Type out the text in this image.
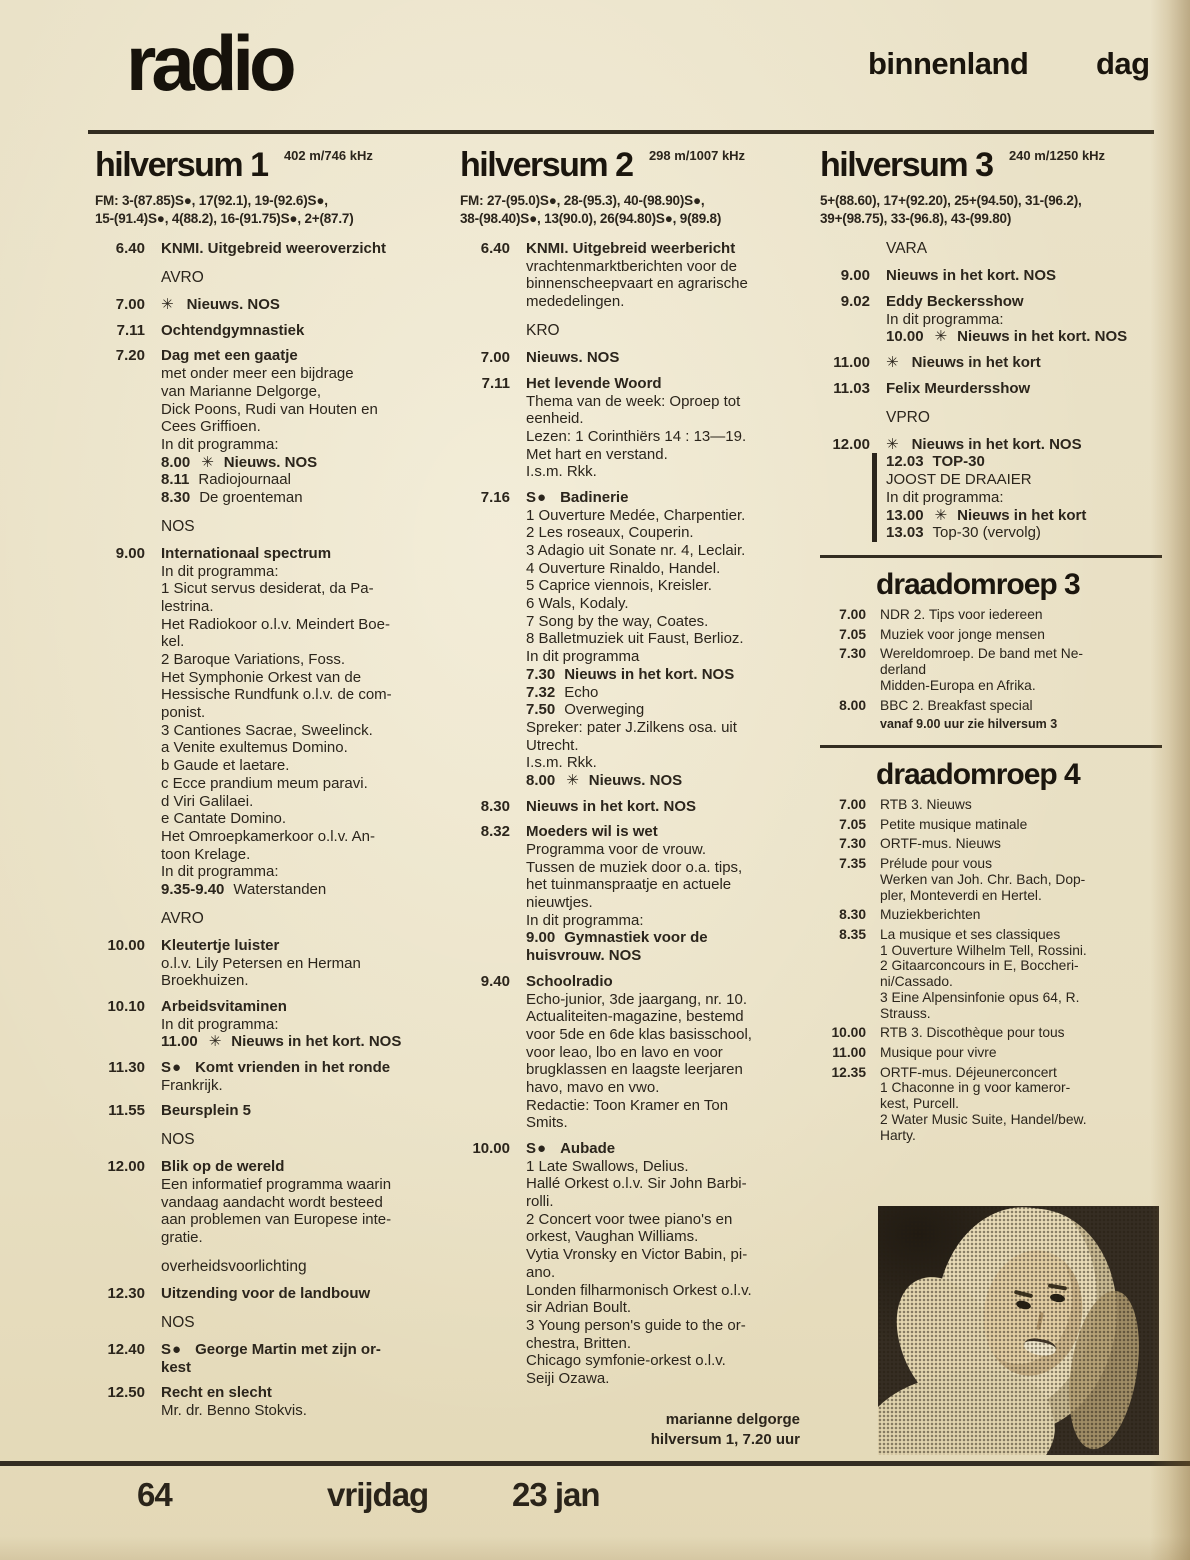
radio	binnenland dag
hilversum 1 $^{402 m/746 kHz}$
FM: 3-(87.85)S●, 17(92.1), 19-(92.6)S●,
15-(91.4)S●, 4(88.2), 16-(91.75)S●, 2+(87.7)
6.40 KNMI. Uitgebreid weeroverzicht
AVRO
7.00 ✳ Nieuws. NOS
7.11 Ochtendgymnastiek
7.20 Dag met een gaatje
met onder meer een bijdrage
van Marianne Delgorge,
Dick Poons, Rudi van Houten en
Cees Griffioen.
In dit programma:
8.00 ✳ Nieuws. NOS
8.11 Radiojournaal
8.30 De groenteman
NOS
9.00 Internationaal spectrum
In dit programma:
1 Sicut servus desiderat, da Pa-
lestrina.
Het Radiokoor o.l.v. Meindert Boe-
kel.
2 Baroque Variations, Foss.
Het Symphonie Orkest van de
Hessische Rundfunk o.l.v. de com-
ponist.
3 Cantiones Sacrae, Sweelinck.
a Venite exultemus Domino.
b Gaude et laetare.
c Ecce prandium meum paravi.
d Viri Galilaei.
e Cantate Domino.
Het Omroepkamerkoor o.l.v. An-
toon Krelage.
In dit programma:
9.35-9.40 Waterstanden
AVRO
10.00 Kleutertje luister
o.l.v. Lily Petersen en Herman
Broekhuizen.
10.10 Arbeidsvitaminen
In dit programma:
11.00 ✳ Nieuws in het kort. NOS
11.30 S● Komt vrienden in het ronde
Frankrijk.
11.55 Beursplein 5
NOS
12.00 Blik op de wereld
Een informatief programma waarin
vandaag aandacht wordt besteed
aan problemen van Europese inte-
gratie.
overheidsvoorlichting
12.30 Uitzending voor de landbouw
NOS
12.40 S● George Martin met zijn or-
kest
12.50 Recht en slecht
Mr. dr. Benno Stokvis.
hilversum 2 $^{298 m/1007 kHz}$
FM: 27-(95.0)S●, 28-(95.3), 40-(98.90)S●,
38-(98.40)S●, 13(90.0), 26(94.80)S●, 9(89.8)
6.40 KNMI. Uitgebreid weerbericht
vrachtenmarktberichten voor de
binnenscheepvaart en agrarische
mededelingen.
KRO
7.00 Nieuws. NOS
7.11 Het levende Woord
Thema van de week: Oproep tot
eenheid.
Lezen: 1 Corinthiërs 14 : 13—19.
Met hart en verstand.
I.s.m. Rkk.
7.16 S● Badinerie
1 Ouverture Medée, Charpentier.
2 Les roseaux, Couperin.
3 Adagio uit Sonate nr. 4, Leclair.
4 Ouverture Rinaldo, Handel.
5 Caprice viennois, Kreisler.
6 Wals, Kodaly.
7 Song by the way, Coates.
8 Balletmuziek uit Faust, Berlioz.
In dit programma
7.30 Nieuws in het kort. NOS
7.32 Echo
7.50 Overweging
Spreker: pater J.Zilkens osa. uit
Utrecht.
I.s.m. Rkk.
8.00 ✳ Nieuws. NOS
8.30 Nieuws in het kort. NOS
8.32 Moeders wil is wet
Programma voor de vrouw.
Tussen de muziek door o.a. tips,
het tuinmanspraatje en actuele
nieuwtjes.
In dit programma:
9.00 Gymnastiek voor de
huisvrouw. NOS
9.40 Schoolradio
Echo-junior, 3de jaargang, nr. 10.
Actualiteiten-magazine, bestemd
voor 5de en 6de klas basisschool,
voor leao, lbo en lavo en voor
brugklassen en laagste leerjaren
havo, mavo en vwo.
Redactie: Toon Kramer en Ton
Smits.
10.00 S● Aubade
1 Late Swallows, Delius.
Hallé Orkest o.l.v. Sir John Barbi-
rolli.
2 Concert voor twee piano's en
orkest, Vaughan Williams.
Vytia Vronsky en Victor Babin, pi-
ano.
Londen filharmonisch Orkest o.l.v.
sir Adrian Boult.
3 Young person's guide to the or-
chestra, Britten.
Chicago symfonie-orkest o.l.v.
Seiji Ozawa.
hilversum 3 $^{240 m/1250 kHz}$
5+(88.60), 17+(92.20), 25+(94.50), 31-(96.2),
39+(98.75), 33-(96.8), 43-(99.80)
VARA
9.00 Nieuws in het kort. NOS
9.02 Eddy Beckersshow
In dit programma:
10.00 ✳ Nieuws in het kort. NOS
11.00 ✳ Nieuws in het kort
11.03 Felix Meurdersshow
VPRO
12.00 ✳ Nieuws in het kort. NOS
12.03 TOP-30
JOOST DE DRAAIER
In dit programma:
13.00 ✳ Nieuws in het kort
13.03 Top-30 (vervolg)
draadomroep 3
7.00 NDR 2. Tips voor iedereen
7.05 Muziek voor jonge mensen
7.30 Wereldomroep. De band met Ne-
derland
Midden-Europa en Afrika.
8.00 BBC 2. Breakfast special
vanaf 9.00 uur zie hilversum 3
draadomroep 4
7.00 RTB 3. Nieuws
7.05 Petite musique matinale
7.30 ORTF-mus. Nieuws
7.35 Prélude pour vous
Werken van Joh. Chr. Bach, Dop-
pler, Monteverdi en Hertel.
8.30 Muziekberichten
8.35 La musique et ses classiques
1 Ouverture Wilhelm Tell, Rossini.
2 Gitaarconcours in E, Boccheri-
ni/Cassado.
3 Eine Alpensinfonie opus 64, R.
Strauss.
10.00 RTB 3. Discothèque pour tous
11.00 Musique pour vivre
12.35 ORTF-mus. Déjeunerconcert
1 Chaconne in g voor kameror-
kest, Purcell.
2 Water Music Suite, Handel/bew.
Harty.
marianne delgorge
hilversum 1, 7.20 uur
64	vrijdag	23 jan
